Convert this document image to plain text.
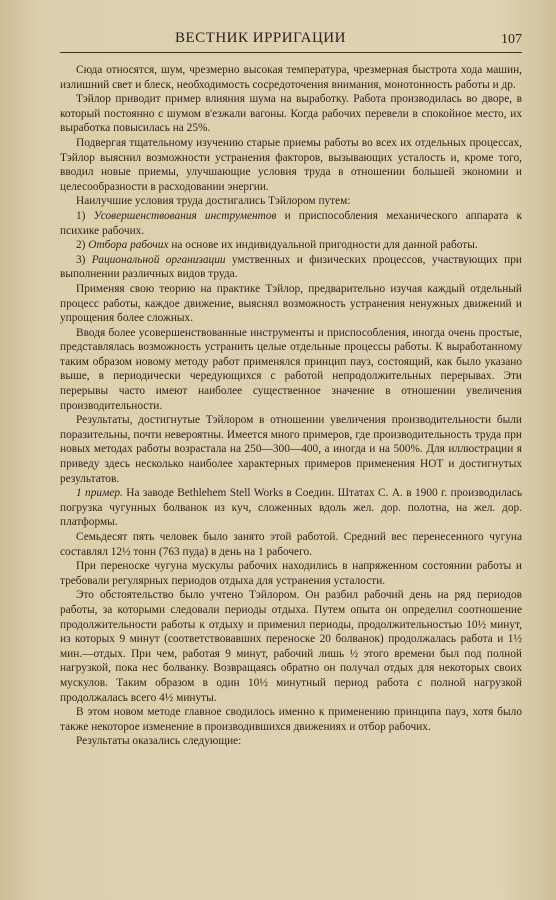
ВЕСТНИК ИРРИГАЦИИ	107

Сюда относятся, шум, чрезмерно высокая температура, чрезмерная быстрота хода машин, излишний свет и блеск, необходимость сосредоточения внимания, монотонность работы и др.

Тэйлор приводит пример влияния шума на выработку. Работа производилась во дворе, в который постоянно с шумом в'езжали вагоны. Когда рабочих перевели в спокойное место, их выработка повысилась на 25%.

Подвергая тщательному изучению старые приемы работы во всех их отдельных процессах, Тэйлор выяснил возможности устранения факторов, вызывающих усталость и, кроме того, вводил новые приемы, улучшающие условия труда в отношении большей экономии и целесообразности в расходовании энергии.

Наилучшие условия труда достигались Тэйлором путем:

1) Усовершенствования инструментов и приспособления механического аппарата к психике рабочих.

2) Отбора рабочих на основе их индивидуальной пригодности для данной работы.

3) Рациональной организации умственных и физических процессов, участвующих при выполнении различных видов труда.

Применяя свою теорию на практике Тэйлор, предварительно изучая каждый отдельный процесс работы, каждое движение, выяснял возможность устранения ненужных движений и упрощения более сложных.

Вводя более усовершенствованные инструменты и приспособления, иногда очень простые, представлялась возможность устранить целые отдельные процессы работы. К выработанному таким образом новому методу работ применялся принцип пауз, состоящий, как было указано выше, в периодически чередующихся с работой непродолжительных перерывах. Эти перерывы часто имеют наиболее существенное значение в отношении увеличения производительности.

Результаты, достигнутые Тэйлором в отношении увеличения производительности были поразительны, почти невероятны. Имеется много примеров, где производительность труда при новых методах работы возрастала на 250—300—400, а иногда и на 500%. Для иллюстрации я приведу здесь несколько наиболее характерных примеров применения НОТ и достигнутых результатов.

1 пример. На заводе Bethlehem Stell Works в Соедин. Штатах С. А. в 1900 г. производилась погрузка чугунных болванок из куч, сложенных вдоль жел. дор. полотна, на жел. дор. платформы.

Семьдесят пять человек было занято этой работой. Средний вес перенесенного чугуна составлял 12½ тонн (763 пуда) в день на 1 рабочего.

При переноске чугуна мускулы рабочих находились в напряженном состоянии работы и требовали регулярных периодов отдыха для устранения усталости.

Это обстоятельство было учтено Тэйлором. Он разбил рабочий день на ряд периодов работы, за которыми следовали периоды отдыха. Путем опыта он определил соотношение продолжительности работы к отдыху и применил периоды, продолжительностью 10½ минут, из которых 9 минут (соответствовавших переноске 20 болванок) продолжалась работа и 1½ мин.—отдых. При чем, работая 9 минут, рабочий лишь ½ этого времени был под полной нагрузкой, пока нес болванку. Возвращаясь обратно он получал отдых для некоторых своих мускулов. Таким образом в один 10½ минутный период работа с полной нагрузкой продолжалась всего 4½ минуты.

В этом новом методе главное сводилось именно к применению принципа пауз, хотя было также некоторое изменение в производившихся движениях и отбор рабочих.

Результаты оказались следующие:
